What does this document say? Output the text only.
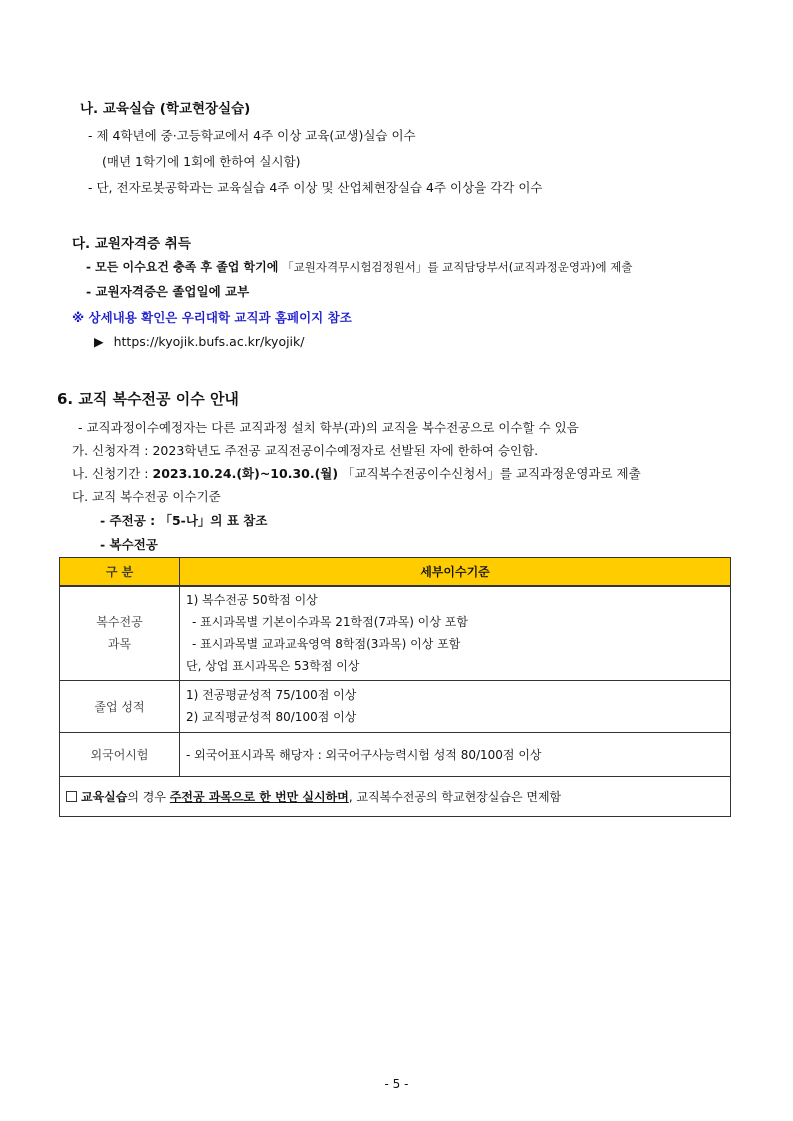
나. 교육실습 (학교현장실습)
- 제 4학년에 중·고등학교에서 4주 이상 교육(교생)실습 이수
(매년 1학기에 1회에 한하여 실시함)
- 단, 전자로봇공학과는 교육실습 4주 이상 및 산업체현장실습 4주 이상을 각각 이수
다. 교원자격증 취득
- 모든 이수요건 충족 후 졸업 학기에 「교원자격무시험검정원서」를 교직담당부서(교직과정운영과)에 제출
- 교원자격증은 졸업일에 교부
※ 상세내용 확인은 우리대학 교직과 홈페이지 참조
▶ https://kyojik.bufs.ac.kr/kyojik/
6. 교직 복수전공 이수 안내
- 교직과정이수예정자는 다른 교직과정 설치 학부(과)의 교직을 복수전공으로 이수할 수 있음
가. 신청자격 : 2023학년도 주전공 교직전공이수예정자로 선발된 자에 한하여 승인함.
나. 신청기간 : 2023.10.24.(화)~10.30.(월) 「교직복수전공이수신청서」를 교직과정운영과로 제출
다. 교직 복수전공 이수기준
- 주전공 : 「5-나」의 표 참조
- 복수전공
구 분	세부이수기준

복수전공
과목	1) 복수전공 50학점 이상
- 표시과목별 기본이수과목 21학점(7과목) 이상 포함
- 표시과목별 교과교육영역 8학점(3과목) 이상 포함
단, 상업 표시과목은 53학점 이상

졸업 성적	1) 전공평균성적 75/100점 이상
2) 교직평균성적 80/100점 이상

외국어시험	- 외국어표시과목 해당자 : 외국어구사능력시험 성적 80/100점 이상
교육실습의 경우 주전공 과목으로 한 번만 실시하며, 교직복수전공의 학교현장실습은 면제함	
- 5 -
